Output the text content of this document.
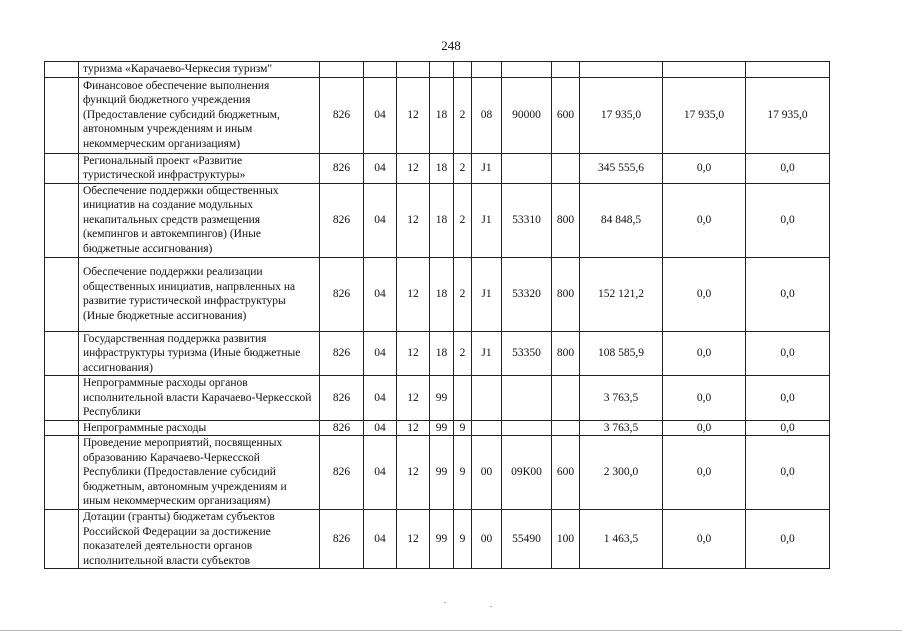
248
	туризма «Карачаево-Черкесия туризм"											
	Финансовое обеспечение выполнения функций бюджетного учреждения (Предоставление субсидий бюджетным, автономным учреждениям и иным некоммерческим организациям)	826	04	12	18	2	08	90000	600	17 935,0	17 935,0	17 935,0
	Региональный проект «Развитие туристической инфраструктуры»	826	04	12	18	2	J1			345 555,6	0,0	0,0
	Обеспечение поддержки общественных инициатив на создание модульных некапитальных средств размещения (кемпингов и автокемпингов) (Иные бюджетные ассигнования)	826	04	12	18	2	J1	53310	800	84 848,5	0,0	0,0
	Обеспечение поддержки реализации общественных инициатив, напрвленных на развитие туристической инфраструктуры (Иные бюджетные ассигнования)	826	04	12	18	2	J1	53320	800	152 121,2	0,0	0,0
	Государственная поддержка развития инфраструктуры туризма (Иные бюджетные ассигнования)	826	04	12	18	2	J1	53350	800	108 585,9	0,0	0,0
	Непрограммные расходы органов исполнительной власти Карачаево-Черкесской Республики	826	04	12	99					3 763,5	0,0	0,0
	Непрограммные расходы	826	04	12	99	9				3 763,5	0,0	0,0
	Проведение мероприятий, посвященных образованию Карачаево-Черкесской Республики (Предоставление субсидий бюджетным, автономным учреждениям и иным некоммерческим организациям)	826	04	12	99	9	00	09К00	600	2 300,0	0,0	0,0
	Дотации (гранты) бюджетам субъектов Российской Федерации за достижение показателей деятельности органов исполнительной власти субъектов	826	04	12	99	9	00	55490	100	1 463,5	0,0	0,0
